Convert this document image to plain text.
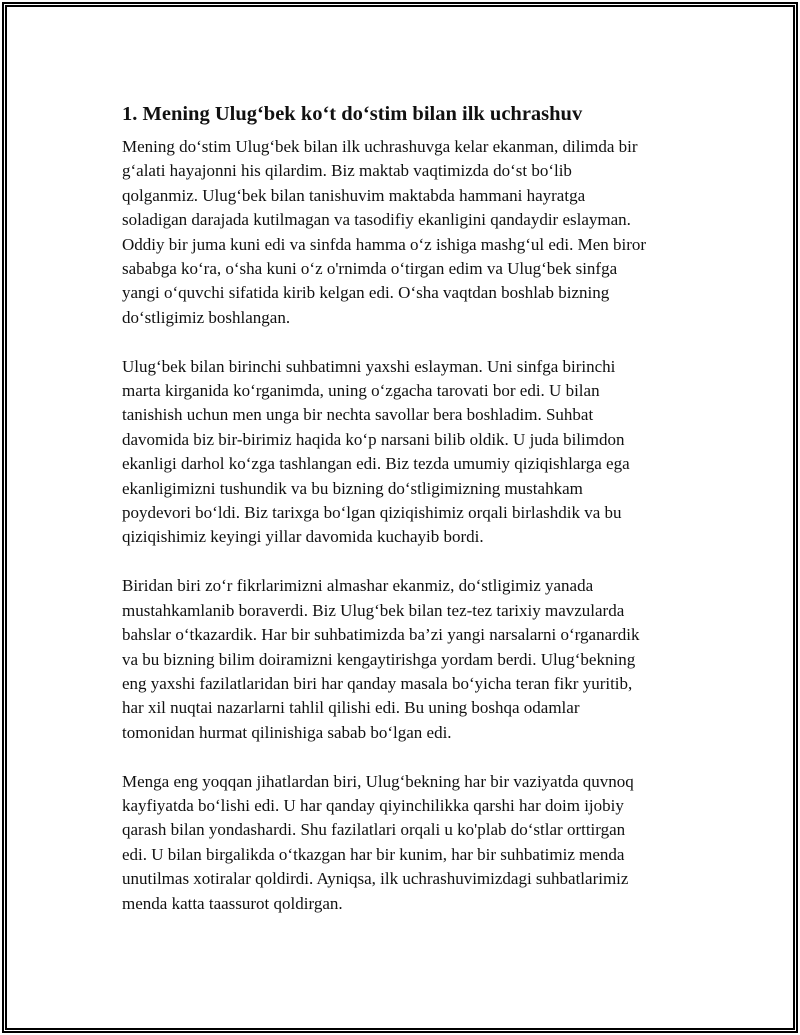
1. Mening Ulug‘bek ko‘t do‘stim bilan ilk uchrashuv
Mening do‘stim Ulug‘bek bilan ilk uchrashuvga kelar ekanman, dilimda bir
g‘alati hayajonni his qilardim. Biz maktab vaqtimizda do‘st bo‘lib
qolganmiz. Ulug‘bek bilan tanishuvim maktabda hammani hayratga
soladigan darajada kutilmagan va tasodifiy ekanligini qandaydir eslayman.
Oddiy bir juma kuni edi va sinfda hamma o‘z ishiga mashg‘ul edi. Men biror
sababga ko‘ra, o‘sha kuni o‘z o'rnimda o‘tirgan edim va Ulug‘bek sinfga
yangi o‘quvchi sifatida kirib kelgan edi. O‘sha vaqtdan boshlab bizning
do‘stligimiz boshlangan.
Ulug‘bek bilan birinchi suhbatimni yaxshi eslayman. Uni sinfga birinchi
marta kirganida ko‘rganimda, uning o‘zgacha tarovati bor edi. U bilan
tanishish uchun men unga bir nechta savollar bera boshladim. Suhbat
davomida biz bir-birimiz haqida ko‘p narsani bilib oldik. U juda bilimdon
ekanligi darhol ko‘zga tashlangan edi. Biz tezda umumiy qiziqishlarga ega
ekanligimizni tushundik va bu bizning do‘stligimizning mustahkam
poydevori bo‘ldi. Biz tarixga bo‘lgan qiziqishimiz orqali birlashdik va bu
qiziqishimiz keyingi yillar davomida kuchayib bordi.
Biridan biri zo‘r fikrlarimizni almashar ekanmiz, do‘stligimiz yanada
mustahkamlanib boraverdi. Biz Ulug‘bek bilan tez-tez tarixiy mavzularda
bahslar o‘tkazardik. Har bir suhbatimizda ba’zi yangi narsalarni o‘rganardik
va bu bizning bilim doiramizni kengaytirishga yordam berdi. Ulug‘bekning
eng yaxshi fazilatlaridan biri har qanday masala bo‘yicha teran fikr yuritib,
har xil nuqtai nazarlarni tahlil qilishi edi. Bu uning boshqa odamlar
tomonidan hurmat qilinishiga sabab bo‘lgan edi.
Menga eng yoqqan jihatlardan biri, Ulug‘bekning har bir vaziyatda quvnoq
kayfiyatda bo‘lishi edi. U har qanday qiyinchilikka qarshi har doim ijobiy
qarash bilan yondashardi. Shu fazilatlari orqali u ko'plab do‘stlar orttirgan
edi. U bilan birgalikda o‘tkazgan har bir kunim, har bir suhbatimiz menda
unutilmas xotiralar qoldirdi. Ayniqsa, ilk uchrashuvimizdagi suhbatlarimiz
menda katta taassurot qoldirgan.
